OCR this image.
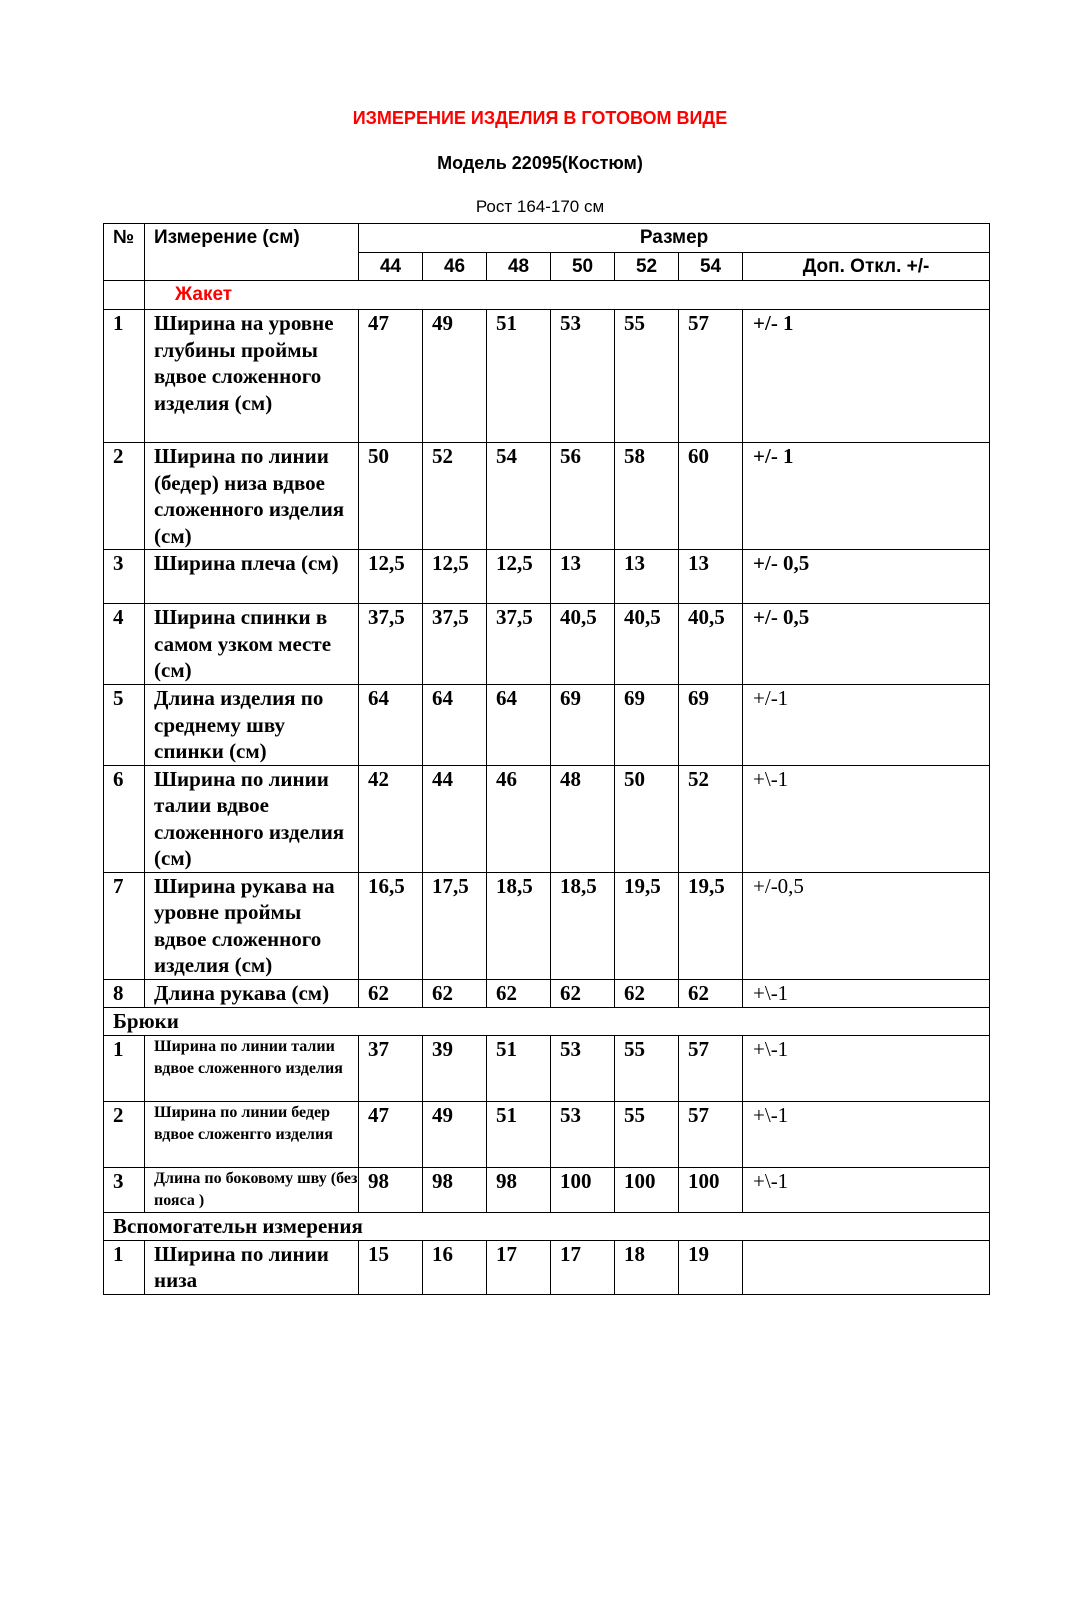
ИЗМЕРЕНИЕ ИЗДЕЛИЯ В ГОТОВОМ ВИДЕ
Модель 22095(Костюм)
Рост 164-170 см
№	Измерение (см)	Размер						
		44	46	48	50	52	54	Доп. Откл. +/-
	Жакет							
1	Ширина на уровне глубины проймы вдвое сложенного изделия (см)	47	49	51	53	55	57	+/- 1
2	Ширина по линии (бедер) низа вдвое сложенного изделия (см)	50	52	54	56	58	60	+/- 1
3	Ширина плеча (см)	12,5	12,5	12,5	13	13	13	+/- 0,5
4	Ширина спинки в самом узком месте (см)	37,5	37,5	37,5	40,5	40,5	40,5	+/- 0,5
5	Длина изделия по среднему шву спинки (см)	64	64	64	69	69	69	+/-1
6	Ширина по линии талии вдвое сложенного изделия (см)	42	44	46	48	50	52	+\-1
7	Ширина рукава на уровне проймы вдвое сложенного изделия (см)	16,5	17,5	18,5	18,5	19,5	19,5	+/-0,5
8	Длина рукава (см)	62	62	62	62	62	62	+\-1
Брюки								
1	Ширина по линии талии вдвое сложенного изделия	37	39	51	53	55	57	+\-1
2	Ширина по линии бедер вдвое сложенгго изделия	47	49	51	53	55	57	+\-1
3	Длина по боковому шву (без пояса )	98	98	98	100	100	100	+\-1
Вспомогательн измерения								
1	Ширина по линии низа	15	16	17	17	18	19	
